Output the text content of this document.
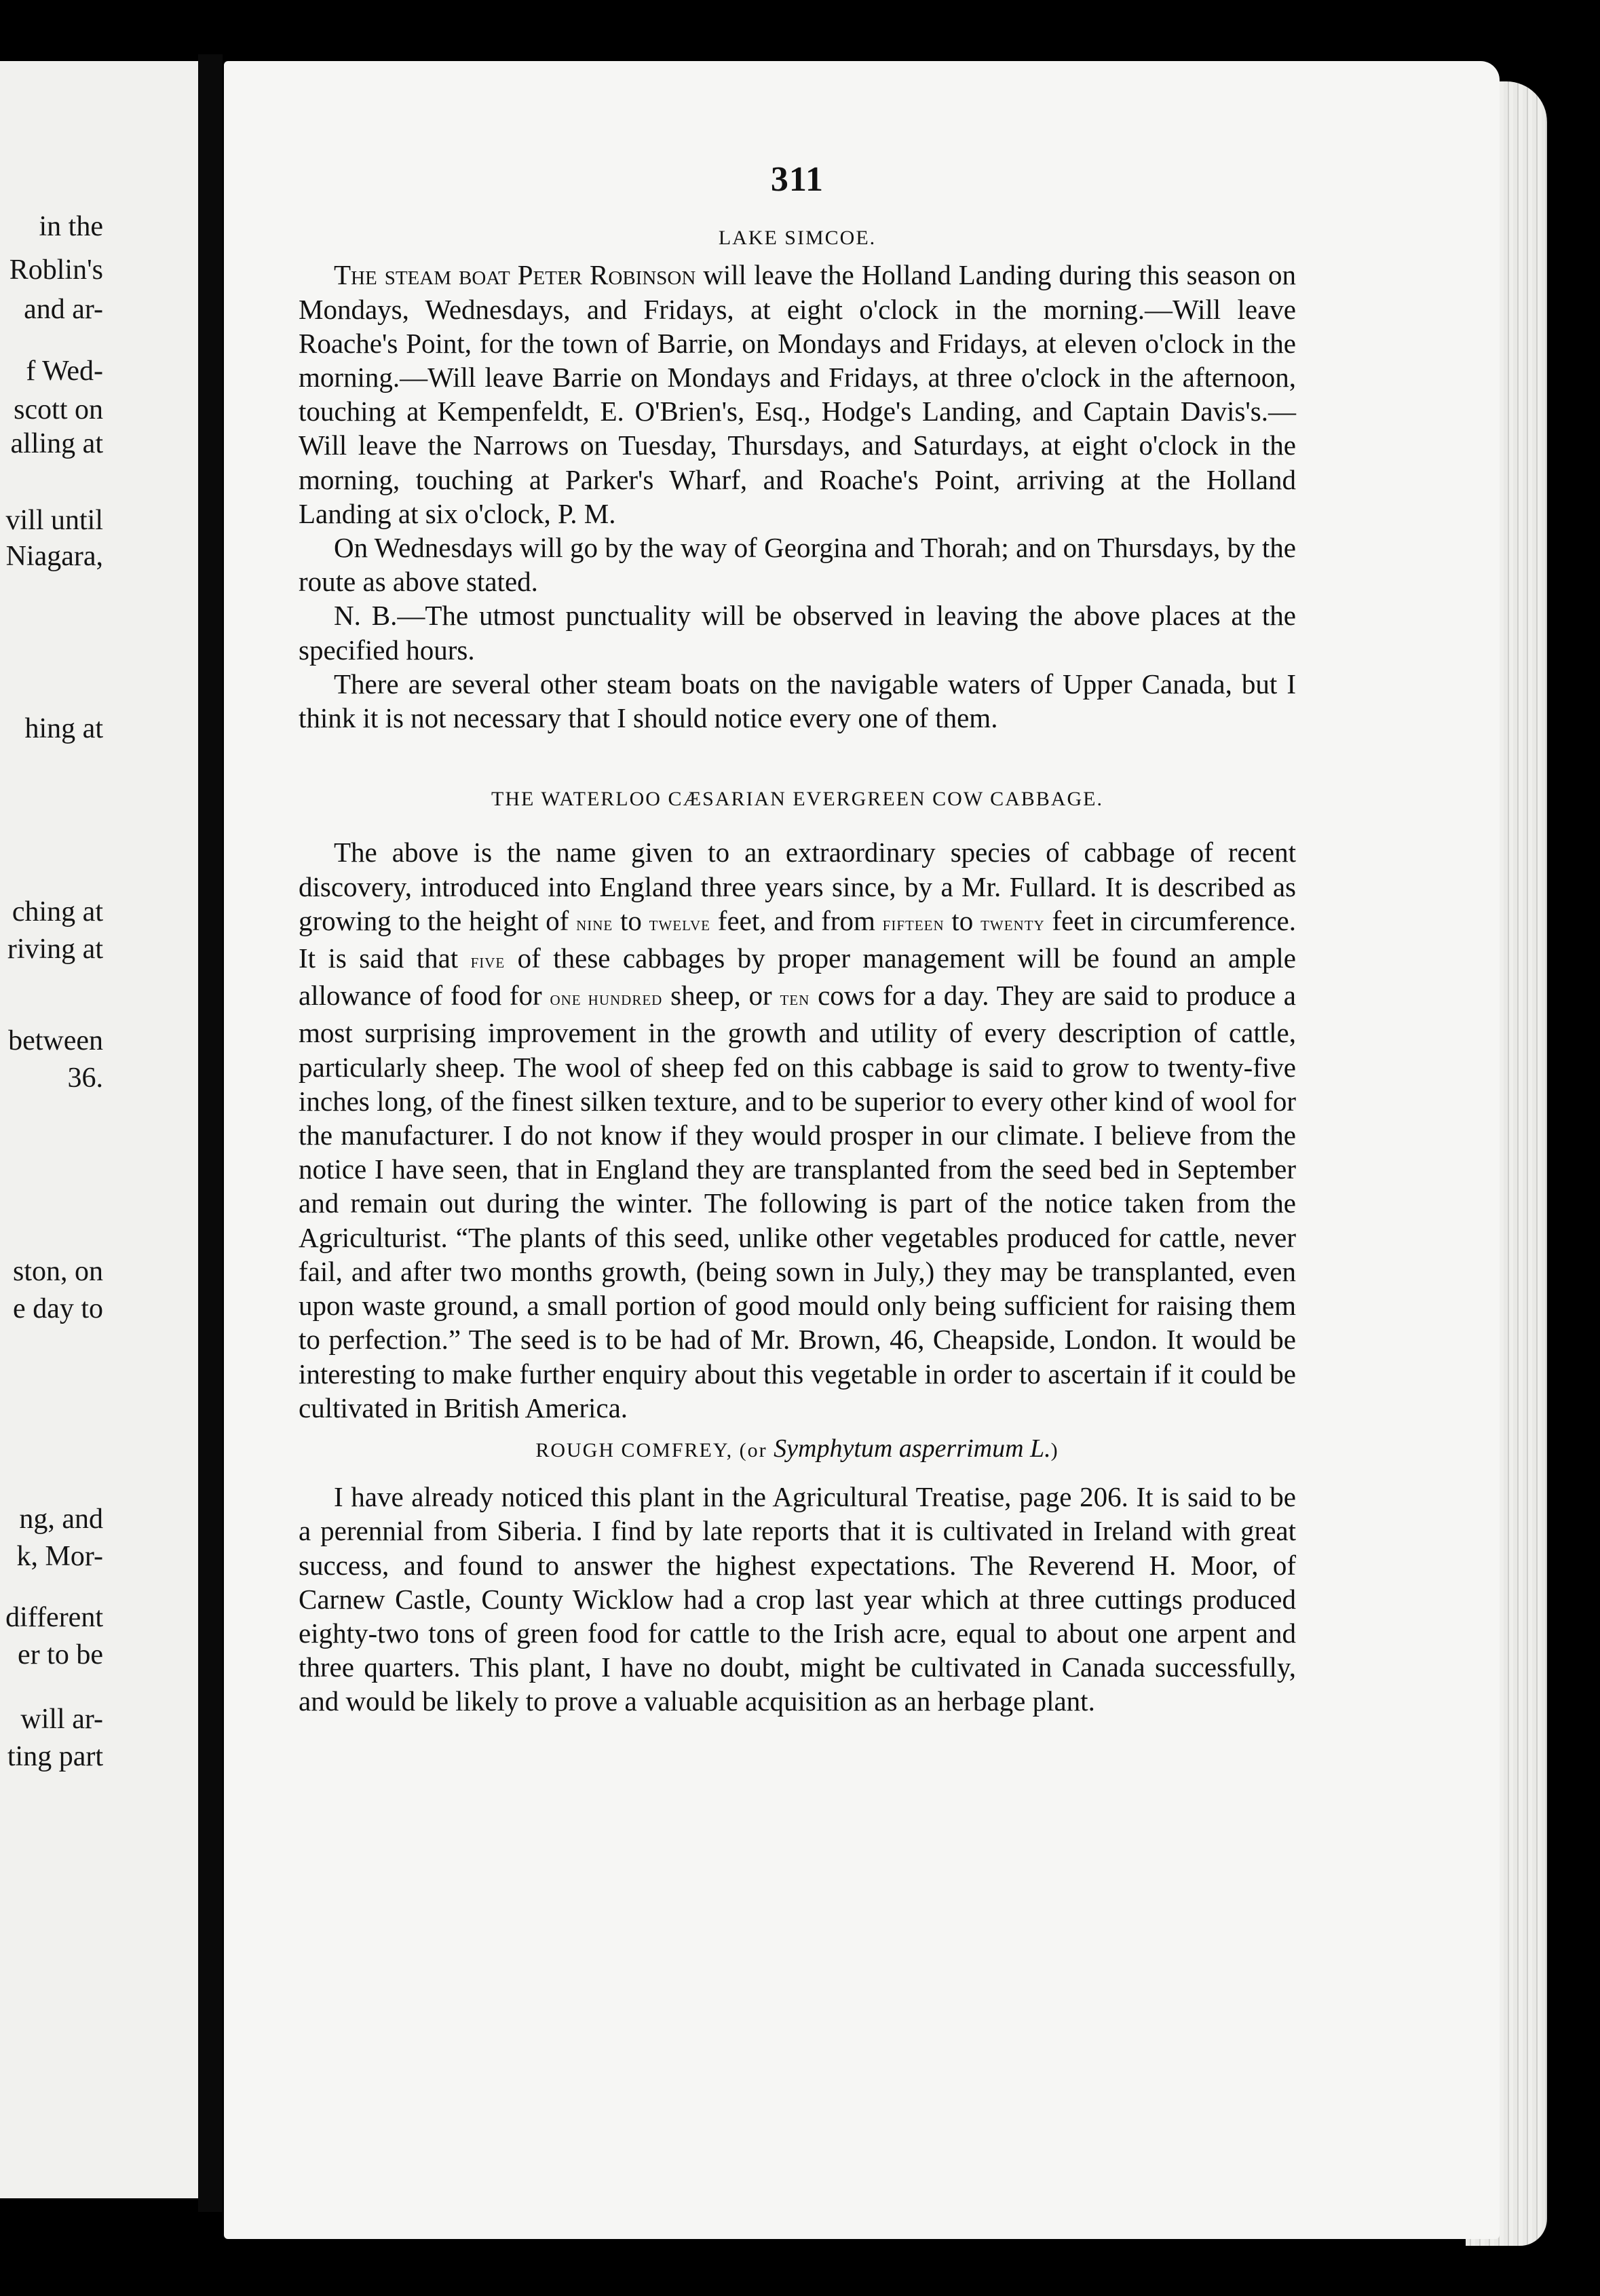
in the
Roblin's
and ar-
f Wed-
scott on
alling at
vill until
Niagara,
hing at
ching at
riving at
between
36.
ston, on
e day to
ng, and
k, Mor-
different
er to be
will ar-
ting part
311
LAKE SIMCOE.

The steam boat Peter Robinson will leave the Holland Landing during this season on Mondays, Wednesdays, and Fridays, at eight o'clock in the morning.—Will leave Roache's Point, for the town of Barrie, on Mondays and Fridays, at eleven o'clock in the morning.—Will leave Barrie on Mondays and Fridays, at three o'clock in the afternoon, touching at Kempenfeldt, E. O'Brien's, Esq., Hodge's Landing, and Captain Davis's.—Will leave the Narrows on Tuesday, Thursdays, and Saturdays, at eight o'clock in the morning, touching at Parker's Wharf, and Roache's Point, arriving at the Holland Landing at six o'clock, P. M.

On Wednesdays will go by the way of Georgina and Thorah; and on Thursdays, by the route as above stated.

N. B.—The utmost punctuality will be observed in leaving the above places at the specified hours.

There are several other steam boats on the navigable waters of Upper Canada, but I think it is not necessary that I should notice every one of them.

THE WATERLOO CÆSARIAN EVERGREEN COW CABBAGE.

The above is the name given to an extraordinary species of cabbage of recent discovery, introduced into England three years since, by a Mr. Fullard. It is described as growing to the height of nine to twelve feet, and from fifteen to twenty feet in circumference. It is said that five of these cabbages by proper management will be found an ample allowance of food for one hundred sheep, or ten cows for a day. They are said to produce a most surprising improvement in the growth and utility of every description of cattle, particularly sheep. The wool of sheep fed on this cabbage is said to grow to twenty-five inches long, of the finest silken texture, and to be superior to every other kind of wool for the manufacturer. I do not know if they would prosper in our climate. I believe from the notice I have seen, that in England they are transplanted from the seed bed in September and remain out during the winter. The following is part of the notice taken from the Agriculturist. “The plants of this seed, unlike other vegetables produced for cattle, never fail, and after two months growth, (being sown in July,) they may be transplanted, even upon waste ground, a small portion of good mould only being sufficient for raising them to perfection.” The seed is to be had of Mr. Brown, 46, Cheapside, London. It would be interesting to make further enquiry about this vegetable in order to ascertain if it could be cultivated in British America.

ROUGH COMFREY, (or Symphytum asperrimum L.)

I have already noticed this plant in the Agricultural Treatise, page 206. It is said to be a perennial from Siberia. I find by late reports that it is cultivated in Ireland with great success, and found to answer the highest expectations. The Reverend H. Moor, of Carnew Castle, County Wicklow had a crop last year which at three cuttings produced eighty-two tons of green food for cattle to the Irish acre, equal to about one arpent and three quarters. This plant, I have no doubt, might be cultivated in Canada successfully, and would be likely to prove a valuable acquisition as an herbage plant.
